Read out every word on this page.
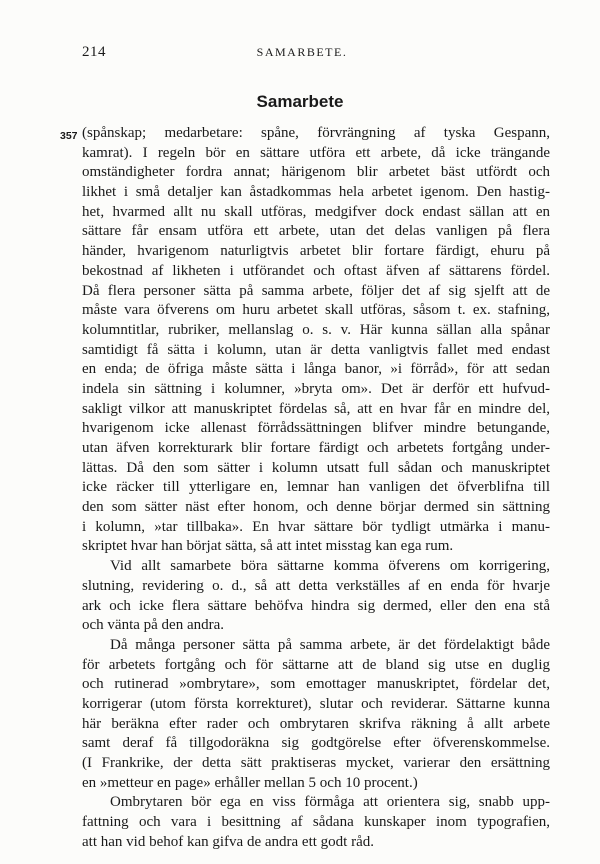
214	SAMARBETE.
Samarbete
357 (spånskap; medarbetare: spåne, förvrängning af tyska Gespann,
kamrat). I regeln bör en sättare utföra ett arbete, då icke trängande
omständigheter fordra annat; härigenom blir arbetet bäst utfördt och
likhet i små detaljer kan åstadkommas hela arbetet igenom. Den hastig-
het, hvarmed allt nu skall utföras, medgifver dock endast sällan att en
sättare får ensam utföra ett arbete, utan det delas vanligen på flera
händer, hvarigenom naturligtvis arbetet blir fortare färdigt, ehuru på
bekostnad af likheten i utförandet och oftast äfven af sättarens fördel.
Då flera personer sätta på samma arbete, följer det af sig sjelft att de
måste vara öfverens om huru arbetet skall utföras, såsom t. ex. stafning,
kolumntitlar, rubriker, mellanslag o. s. v. Här kunna sällan alla spånar
samtidigt få sätta i kolumn, utan är detta vanligtvis fallet med endast
en enda; de öfriga måste sätta i långa banor, »i förråd», för att sedan
indela sin sättning i kolumner, »bryta om». Det är derför ett hufvud-
sakligt vilkor att manuskriptet fördelas så, att en hvar får en mindre del,
hvarigenom icke allenast förrådssättningen blifver mindre betungande,
utan äfven korrekturark blir fortare färdigt och arbetets fortgång under-
lättas. Då den som sätter i kolumn utsatt full sådan och manuskriptet
icke räcker till ytterligare en, lemnar han vanligen det öfverblifna till
den som sätter näst efter honom, och denne börjar dermed sin sättning
i kolumn, »tar tillbaka». En hvar sättare bör tydligt utmärka i manu-
skriptet hvar han börjat sätta, så att intet misstag kan ega rum.
Vid allt samarbete böra sättarne komma öfverens om korrigering,
slutning, revidering o. d., så att detta verkställes af en enda för hvarje
ark och icke flera sättare behöfva hindra sig dermed, eller den ena stå
och vänta på den andra.
Då många personer sätta på samma arbete, är det fördelaktigt både
för arbetets fortgång och för sättarne att de bland sig utse en duglig
och rutinerad »ombrytare», som emottager manuskriptet, fördelar det,
korrigerar (utom första korrekturet), slutar och reviderar. Sättarne kunna
här beräkna efter rader och ombrytaren skrifva räkning å allt arbete
samt deraf få tillgodoräkna sig godtgörelse efter öfverenskommelse.
(I Frankrike, der detta sätt praktiseras mycket, varierar den ersättning
en »metteur en page» erhåller mellan 5 och 10 procent.)
Ombrytaren bör ega en viss förmåga att orientera sig, snabb upp-
fattning och vara i besittning af sådana kunskaper inom typografien,
att han vid behof kan gifva de andra ett godt råd.
